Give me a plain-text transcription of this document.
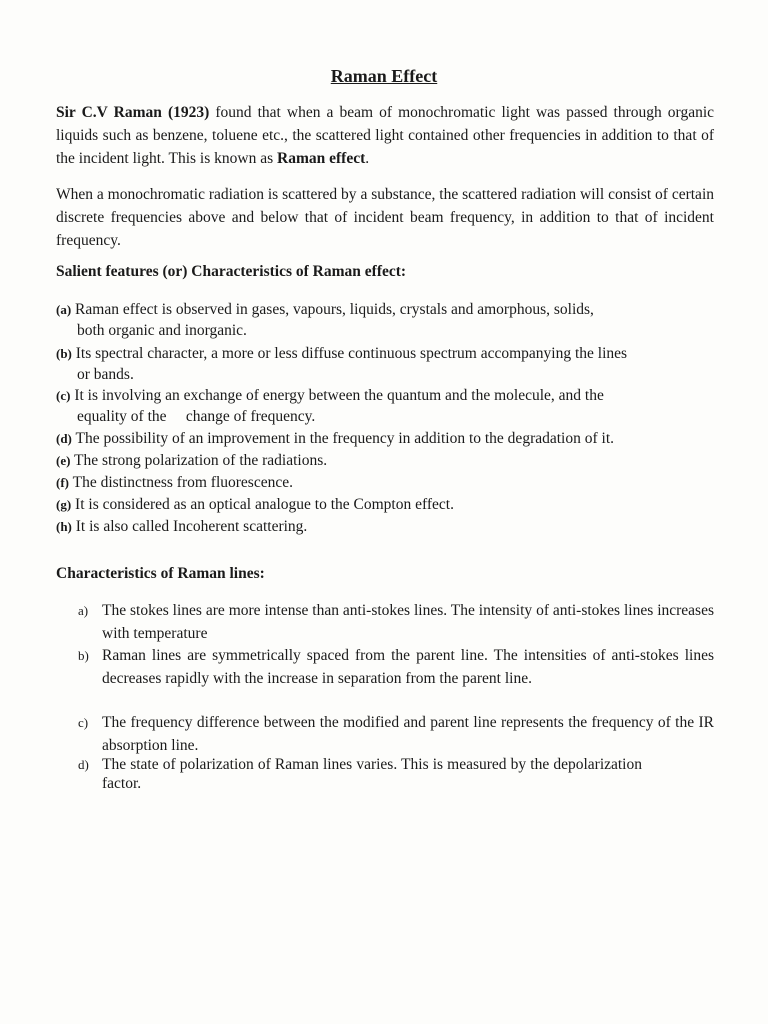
Raman Effect
Sir C.V Raman (1923) found that when a beam of monochromatic light was passed through organic liquids such as benzene, toluene etc., the scattered light contained other frequencies in addition to that of the incident light. This is known as Raman effect.
When a monochromatic radiation is scattered by a substance, the scattered radiation will consist of certain discrete frequencies above and below that of incident beam frequency, in addition to that of incident frequency.
Salient features (or) Characteristics of Raman effect:
(a) Raman effect is observed in gases, vapours, liquids, crystals and amorphous, solids,
both organic and inorganic.
(b) Its spectral character, a more or less diffuse continuous spectrum accompanying the lines
or bands.
(c) It is involving an exchange of energy between the quantum and the molecule, and the
equality of the     change of frequency.
(d) The possibility of an improvement in the frequency in addition to the degradation of it.
(e) The strong polarization of the radiations.
(f) The distinctness from fluorescence.
(g) It is considered as an optical analogue to the Compton effect.
(h) It is also called Incoherent scattering.
Characteristics of Raman lines:
a) The stokes lines are more intense than anti-stokes lines. The intensity of anti-stokes lines increases with temperature
b) Raman lines are symmetrically spaced from the parent line. The intensities of anti-stokes lines decreases rapidly with the increase in separation from the parent line.
c) The frequency difference between the modified and parent line represents the frequency of the IR absorption line.
d) The state of polarization of Raman lines varies. This is measured by the depolarization factor.
